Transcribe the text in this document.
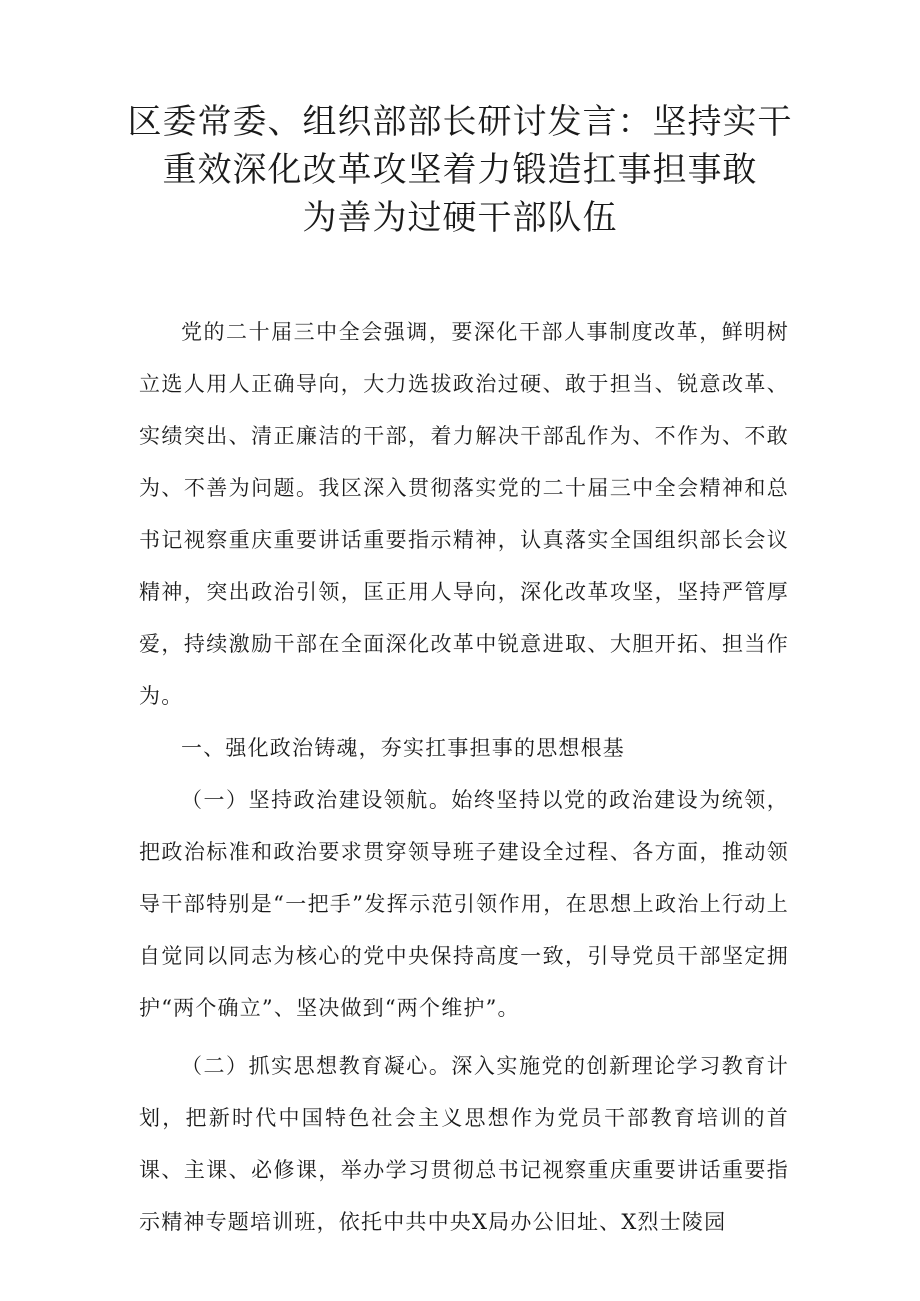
区委常委、组织部部长研讨发言：坚持实干
重效深化改革攻坚着力锻造扛事担事敢
为善为过硬干部队伍

党的二十届三中全会强调，要深化干部人事制度改革，鲜明树立选人用人正确导向，大力选拔政治过硬、敢于担当、锐意改革、实绩突出、清正廉洁的干部，着力解决干部乱作为、不作为、不敢为、不善为问题。我区深入贯彻落实党的二十届三中全会精神和总书记视察重庆重要讲话重要指示精神，认真落实全国组织部长会议精神，突出政治引领，匡正用人导向，深化改革攻坚，坚持严管厚爱，持续激励干部在全面深化改革中锐意进取、大胆开拓、担当作为。

一、强化政治铸魂，夯实扛事担事的思想根基

（一）坚持政治建设领航。始终坚持以党的政治建设为统领，把政治标准和政治要求贯穿领导班子建设全过程、各方面，推动领导干部特别是“一把手”发挥示范引领作用，在思想上政治上行动上自觉同以同志为核心的党中央保持高度一致，引导党员干部坚定拥护“两个确立”、坚决做到“两个维护”。

（二）抓实思想教育凝心。深入实施党的创新理论学习教育计划，把新时代中国特色社会主义思想作为党员干部教育培训的首课、主课、必修课，举办学习贯彻总书记视察重庆重要讲话重要指示精神专题培训班，依托中共中央X局办公旧址、X烈士陵园
